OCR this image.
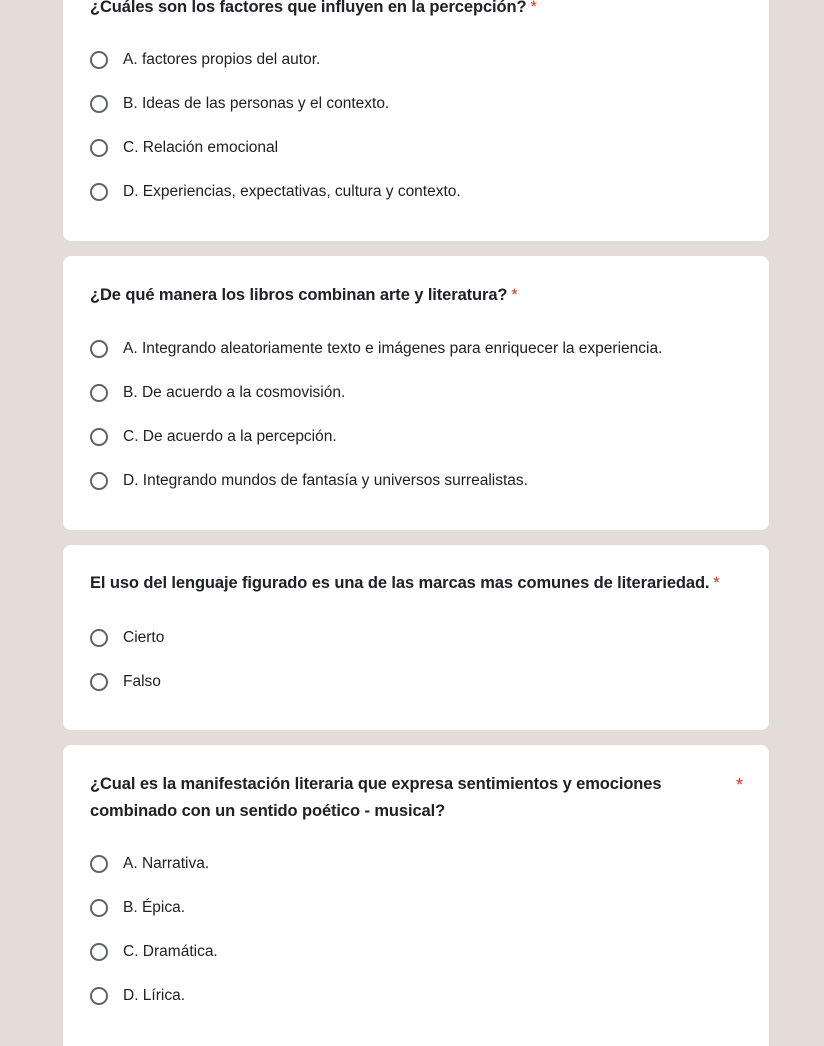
¿Cuáles son los factores que influyen en la percepción? *
A. factores propios del autor.
B. Ideas de las personas y el contexto.
C. Relación emocional
D. Experiencias, expectativas, cultura y contexto.
¿De qué manera los libros combinan arte y literatura? *
A. Integrando aleatoriamente texto e imágenes para enriquecer la experiencia.
B. De acuerdo a la cosmovisión.
C. De acuerdo a la percepción.
D. Integrando mundos de fantasía y universos surrealistas.
El uso del lenguaje figurado es una de las marcas mas comunes de literariedad. *
Cierto
Falso
¿Cual es la manifestación literaria que expresa sentimientos y emociones combinado con un sentido poético - musical?
*
A. Narrativa.
B. Épica.
C. Dramática.
D. Lírica.
